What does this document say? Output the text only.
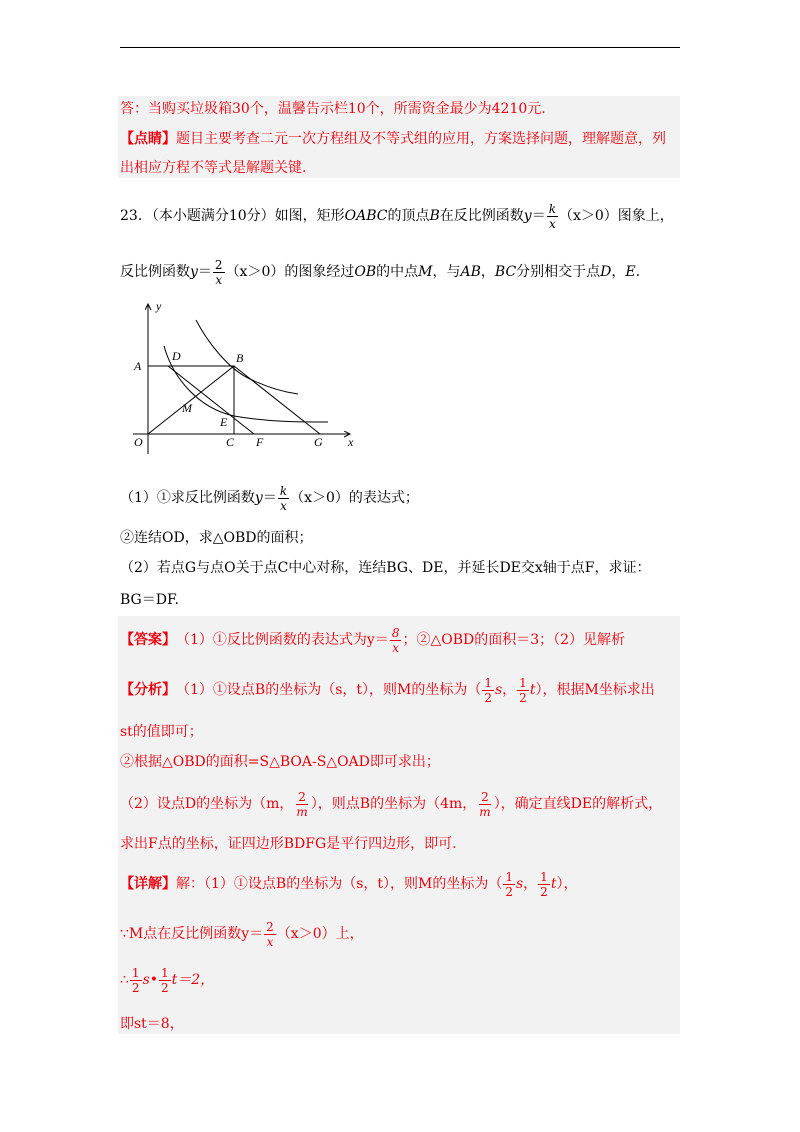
答：当购买垃圾箱30个，温馨告示栏10个，所需资金最少为4210元.
【点睛】题目主要考查二元一次方程组及不等式组的应用，方案选择问题，理解题意，列
出相应方程不等式是解题关键.
23．（本小题满分10分）如图，矩形 OABC 的顶点 B 在反比例函数 $y = \frac{k}{x} (x>0)$图象上，
反比例函数 $y = \frac{2}{x} (x>0)$的图象经过 OB 的中点 M ，与 AB ， BC 分别相交于点 D ， E .
y
A
D	B
M
E
O	C F	G x
（1）①求反比例函数 $y = \frac{k}{x} (x>0)$的表达式；
②连结OD，求△OBD的面积；
（2）若点G与点O关于点C中心对称，连结BG、DE，并延长DE交x轴于点F，求证：
BG＝DF.
【答案】 （1）①反比例函数的表达式为$y= \frac{8}{x}$ ；②△OBD的面积＝3；（2）见解析
【分析】 （1）①设点B的坐标为（s，t），则M的坐标为（ $\frac{1}{2}$ s ， $\frac{1}{2}$ t ），根据M坐标求出
st的值即可；
②根据△OBD的面积=S△BOA-S△OAD即可求出；
（2）设点D的坐标为（m， $\frac{2}{m}$ ），则点B的坐标为（4m， $\frac{2}{m}$ ），确定直线DE的解析式，
求出F点的坐标，证四边形BDFG是平行四边形，即可.
【详解】 解：（1）①设点B的坐标为（s，t），则M的坐标为（ $\frac{1}{2}$ s ， $\frac{1}{2}$ t ），
∵M点在反比例函数$y= \frac{2}{x} (x>0)$上，
∴ $\frac{1}{2}$ s• $\frac{1}{2} t=2$，
即st＝8，
